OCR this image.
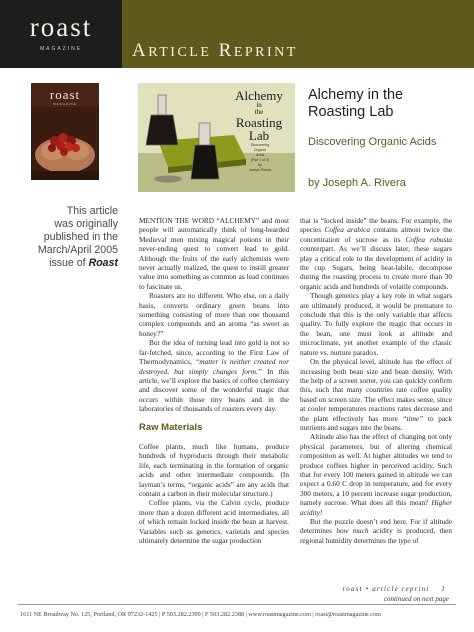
roast
MAGAZINE	ARTICLE REPRINT
roast
MAGAZINE
This article
was originally
published in the
March/April 2005
issue of Roast
Alchemy
in
the
Roasting
Lab
Discovering
Organic
Acids
(Part 1 of 2)
by
Joseph Rivera
Alchemy in the
Roasting Lab
Discovering Organic Acids
by Joseph A. Rivera

MENTION THE WORD “ALCHEMY” and most people will automatically think of long-bearded Medieval men mixing magical potions in their never-ending quest to convert lead to gold. Although the fruits of the early alchemists were never actually realized, the quest to instill greater value into something as common as lead continues to fascinate us.

Roasters are no different. Who else, on a daily basis, converts ordinary green beans into something consisting of more than one thousand complex compounds and an aroma “as sweet as honey?”

But the idea of turning lead into gold is not so far-fetched, since, according to the First Law of Thermodynamics, “matter is neither created nor destroyed, but simply changes form.” In this article, we’ll explore the basics of coffee chemistry and discover some of the wonderful magic that occurs within those tiny beans and in the laboratories of thousands of roasters every day.

Raw Materials

Coffee plants, much like humans, produce hundreds of byproducts through their metabolic life, each terminating in the formation of organic acids and other intermediate compounds. (In layman’s terms, “organic acids” are any acids that contain a carbon in their molecular structure.)

Coffee plants, via the Calvin cycle, produce more than a dozen different acid intermediates, all of which remain locked inside the bean at harvest. Variables such as genetics, varietals and species ultimately determine the sugar production

that is “locked inside” the beans. For example, the species Coffea arabica contains almost twice the concentration of sucrose as its Coffea robusta counterpart. As we’ll discuss later, these sugars play a critical role to the development of acidity in the cup. Sugars, being heat-labile, decompose during the roasting process to create more than 30 organic acids and hundreds of volatile compounds.

Though genetics play a key role in what sugars are ultimately produced, it would be premature to conclude that this is the only variable that affects quality. To fully explore the magic that occurs in the bean, one must look at altitude and microclimate, yet another example of the classic nature vs. nurture paradox.

On the physical level, altitude has the effect of increasing both bean size and bean density. With the help of a screen sorter, you can quickly confirm this, such that many countries rate coffee quality based on screen size. The effect makes sense, since at cooler temperatures reactions rates decrease and the plant effectively has more “time” to pack nutrients and sugars into the beans.

Altitude also has the effect of changing not only physical parameters, but of altering chemical composition as well. At higher altitudes we tend to produce coffees higher in perceived acidity. Such that for every 100 meters gained in altitude we can expect a 0.60 C drop in temperature, and for every 300 meters, a 10 percent increase sugar production, namely sucrose. What does all this mean? Higher acidity!

But the puzzle doesn’t end here. For if altitude determines how much acidity is produced, then regional humidity determines the type of

roast • article reprint 1
continued on next page
1611 NE Broadway No. 125, Portland, OR 97232-1425 | P 503.282.2399 | F 503.282.2388 | www.roastmagazine.com | roast@roastmagazine.com
